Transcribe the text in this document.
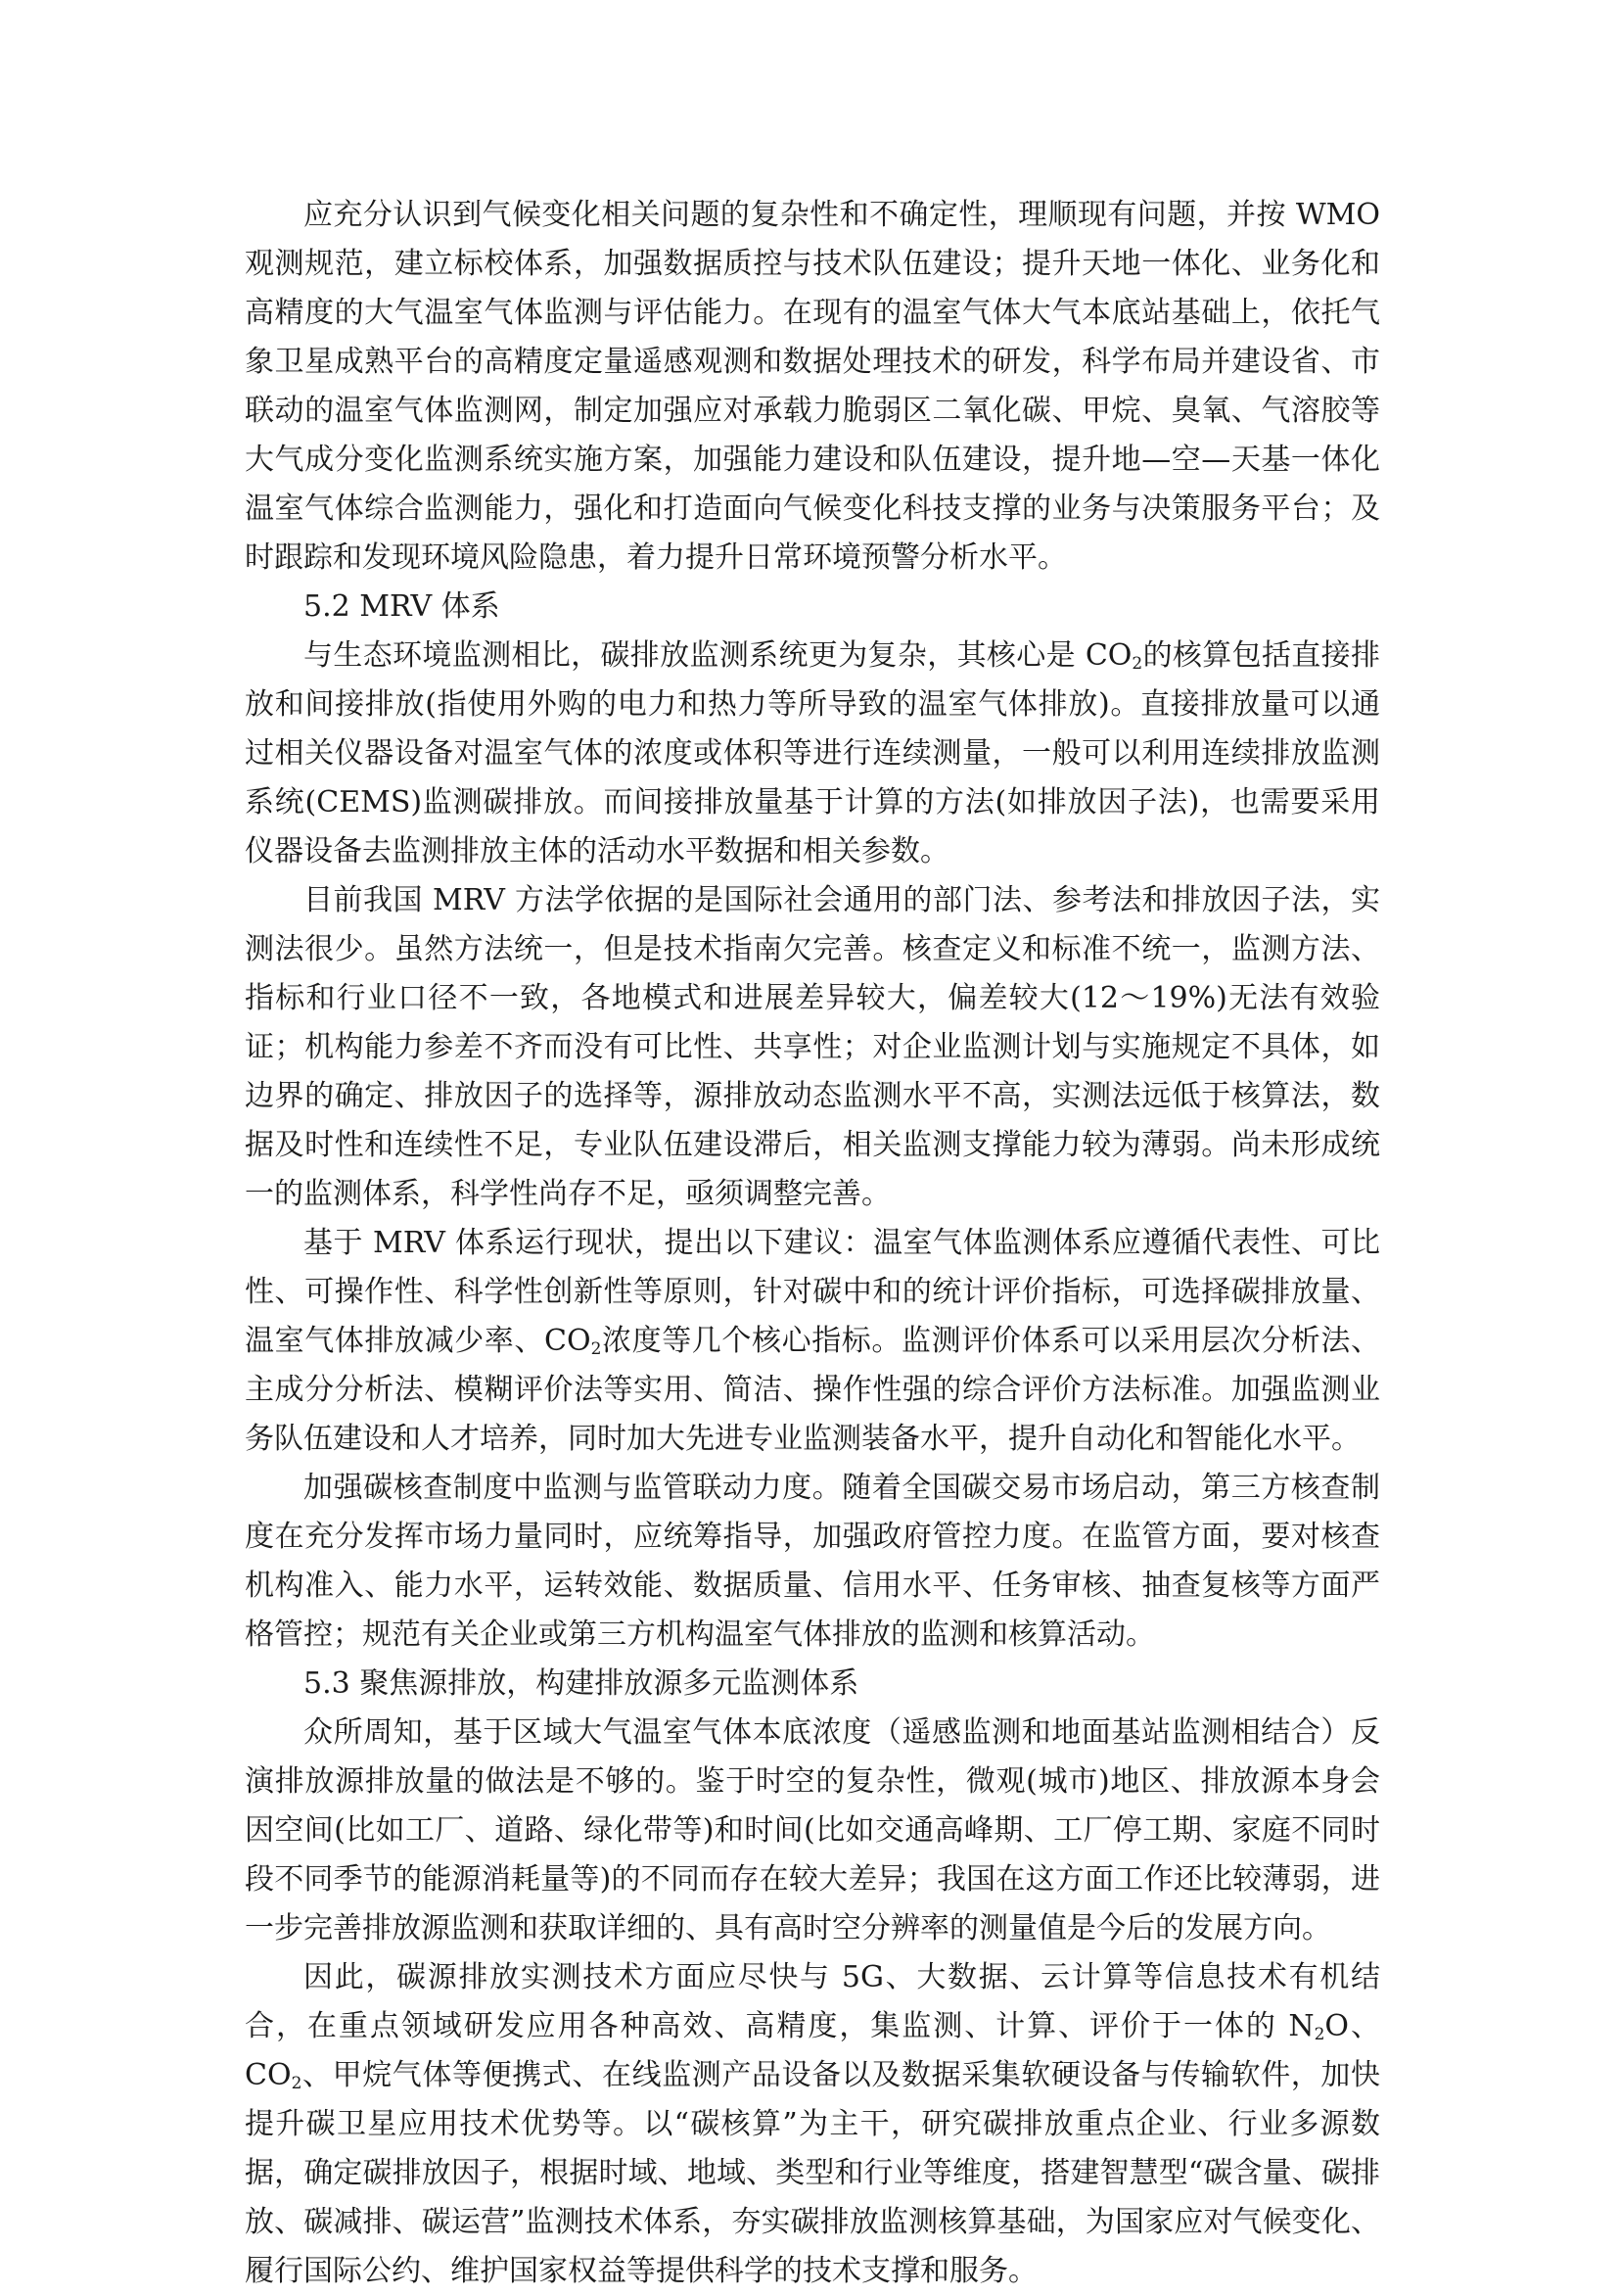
应充分认识到气候变化相关问题的复杂性和不确定性，理顺现有问题，并按 WMO 观测规范，建立标校体系，加强数据质控与技术队伍建设；提升天地一体化、业务化和高精度的大气温室气体监测与评估能力。在现有的温室气体大气本底站基础上，依托气象卫星成熟平台的高精度定量遥感观测和数据处理技术的研发，科学布局并建设省、市联动的温室气体监测网，制定加强应对承载力脆弱区二氧化碳、甲烷、臭氧、气溶胶等大气成分变化监测系统实施方案，加强能力建设和队伍建设，提升地—空—天基一体化温室气体综合监测能力，强化和打造面向气候变化科技支撑的业务与决策服务平台；及时跟踪和发现环境风险隐患，着力提升日常环境预警分析水平。

5.2 MRV 体系

与生态环境监测相比，碳排放监测系统更为复杂，其核心是 $CO_2$的核算包括直接排放和间接排放(指使用外购的电力和热力等所导致的温室气体排放)。直接排放量可以通过相关仪器设备对温室气体的浓度或体积等进行连续测量，一般可以利用连续排放监测系统(CEMS)监测碳排放。而间接排放量基于计算的方法(如排放因子法)，也需要采用仪器设备去监测排放主体的活动水平数据和相关参数。

目前我国 MRV 方法学依据的是国际社会通用的部门法、参考法和排放因子法，实测法很少。虽然方法统一，但是技术指南欠完善。核查定义和标准不统一，监测方法、指标和行业口径不一致，各地模式和进展差异较大，偏差较大(12～19%)无法有效验证；机构能力参差不齐而没有可比性、共享性；对企业监测计划与实施规定不具体，如边界的确定、排放因子的选择等，源排放动态监测水平不高，实测法远低于核算法，数据及时性和连续性不足，专业队伍建设滞后，相关监测支撑能力较为薄弱。尚未形成统一的监测体系，科学性尚存不足，亟须调整完善。

基于 MRV 体系运行现状，提出以下建议：温室气体监测体系应遵循代表性、可比性、可操作性、科学性创新性等原则，针对碳中和的统计评价指标，可选择碳排放量、温室气体排放减少率、$CO_2$浓度等几个核心指标。监测评价体系可以采用层次分析法、主成分分析法、模糊评价法等实用、简洁、操作性强的综合评价方法标准。加强监测业务队伍建设和人才培养，同时加大先进专业监测装备水平，提升自动化和智能化水平。

加强碳核查制度中监测与监管联动力度。随着全国碳交易市场启动，第三方核查制度在充分发挥市场力量同时，应统筹指导，加强政府管控力度。在监管方面，要对核查机构准入、能力水平，运转效能、数据质量、信用水平、任务审核、抽查复核等方面严格管控；规范有关企业或第三方机构温室气体排放的监测和核算活动。

5.3 聚焦源排放，构建排放源多元监测体系

众所周知，基于区域大气温室气体本底浓度（遥感监测和地面基站监测相结合）反演排放源排放量的做法是不够的。鉴于时空的复杂性，微观(城市)地区、排放源本身会因空间(比如工厂、道路、绿化带等)和时间(比如交通高峰期、工厂停工期、家庭不同时段不同季节的能源消耗量等)的不同而存在较大差异；我国在这方面工作还比较薄弱，进一步完善排放源监测和获取详细的、具有高时空分辨率的测量值是今后的发展方向。

因此，碳源排放实测技术方面应尽快与 5G、大数据、云计算等信息技术有机结合，在重点领域研发应用各种高效、高精度，集监测、计算、评价于一体的 $N_2O$、$CO_2$、甲烷气体等便携式、在线监测产品设备以及数据采集软硬设备与传输软件，加快提升碳卫星应用技术优势等。以“碳核算”为主干，研究碳排放重点企业、行业多源数据，确定碳排放因子，根据时域、地域、类型和行业等维度，搭建智慧型“碳含量、碳排放、碳减排、碳运营”监测技术体系，夯实碳排放监测核算基础，为国家应对气候变化、履行国际公约、维护国家权益等提供科学的技术支撑和服务。
